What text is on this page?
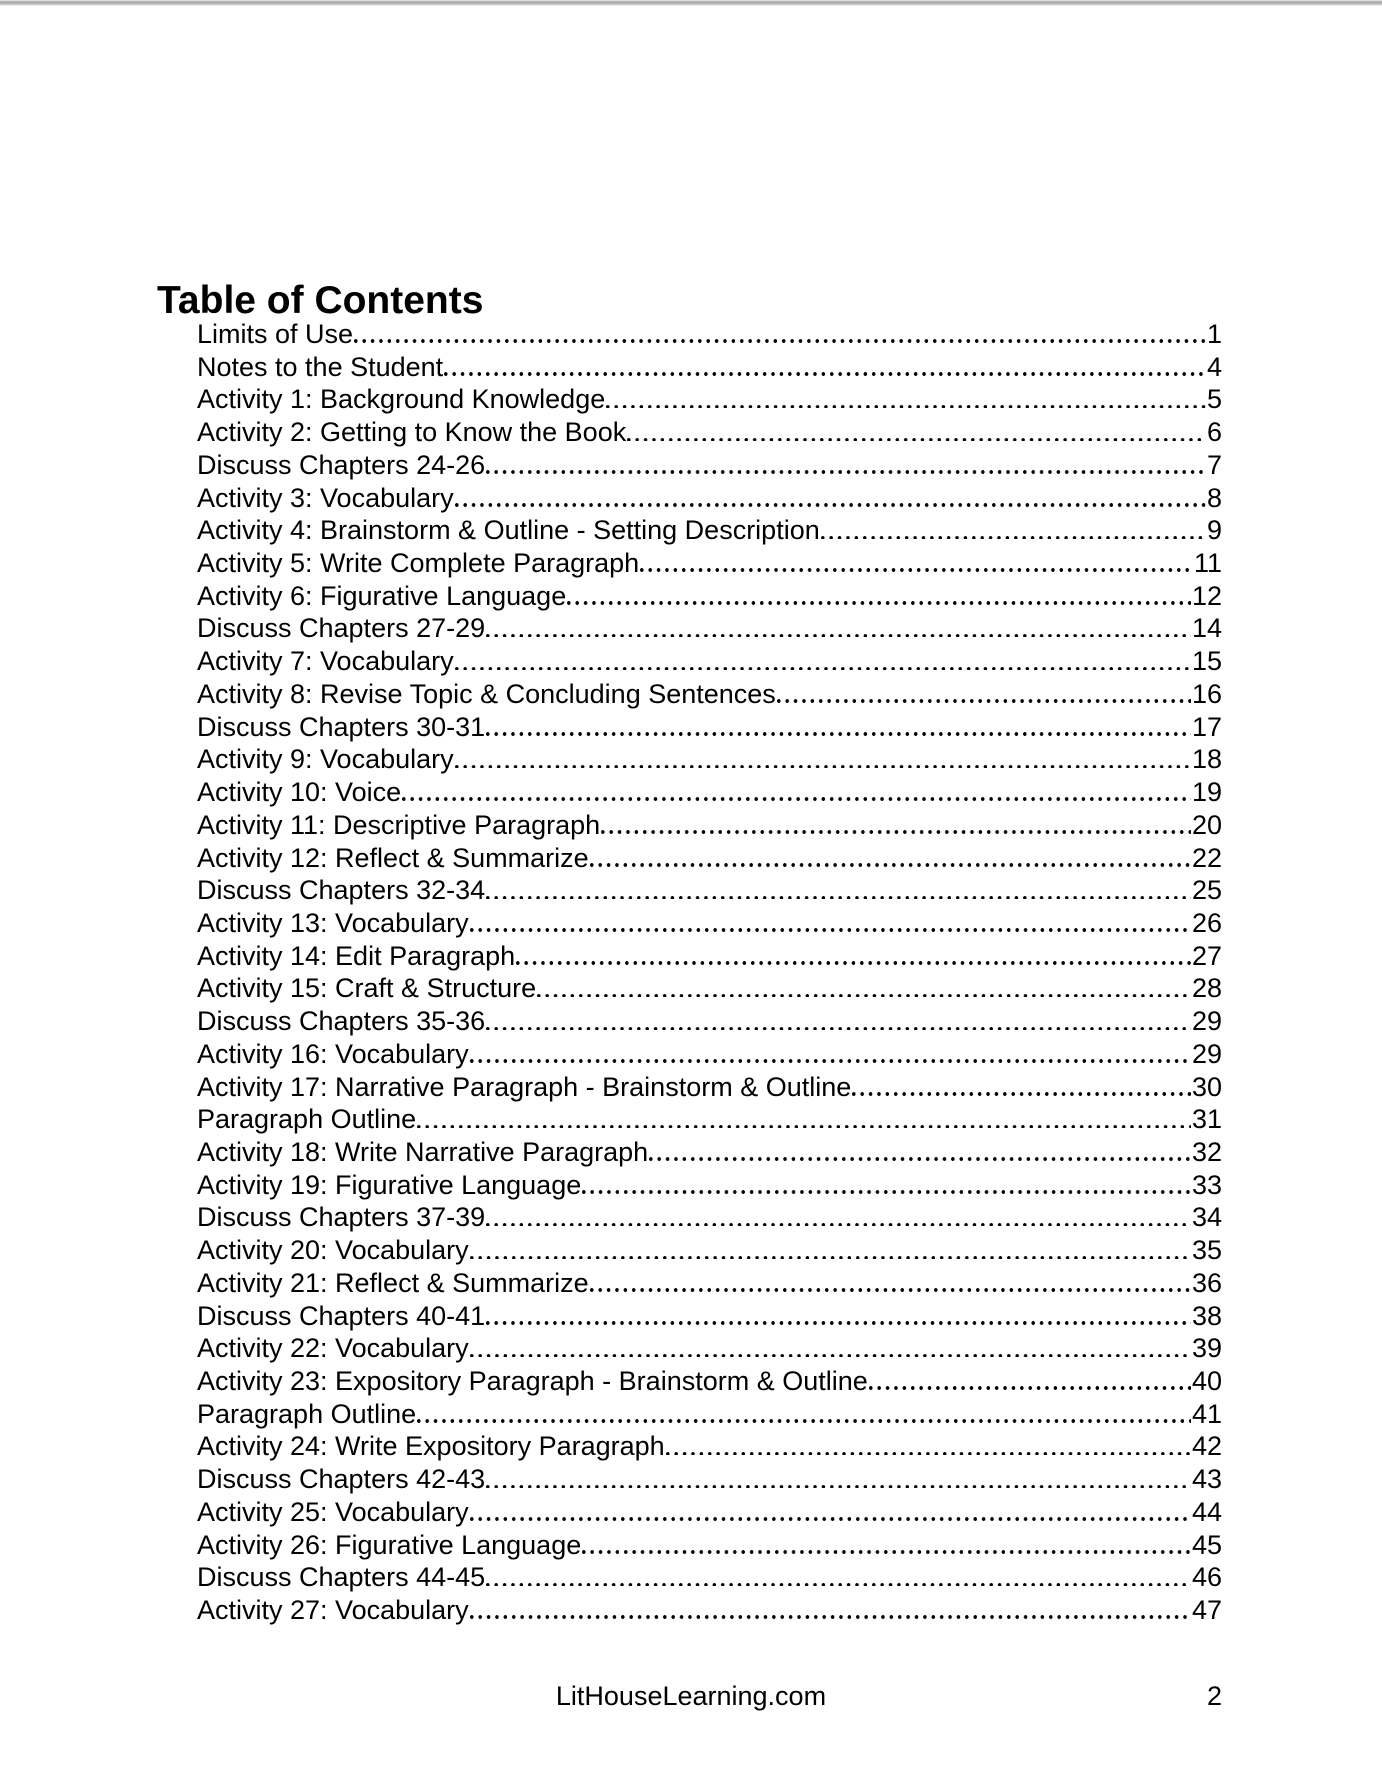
Table of Contents
Limits of Use	1
Notes to the Student	4
Activity 1: Background Knowledge	5
Activity 2: Getting to Know the Book	6
Discuss Chapters 24-26	7
Activity 3: Vocabulary	8
Activity 4: Brainstorm & Outline - Setting Description	9
Activity 5: Write Complete Paragraph	11
Activity 6: Figurative Language	12
Discuss Chapters 27-29	14
Activity 7: Vocabulary	15
Activity 8: Revise Topic & Concluding Sentences	16
Discuss Chapters 30-31	17
Activity 9: Vocabulary	18
Activity 10: Voice	19
Activity 11: Descriptive Paragraph	20
Activity 12: Reflect & Summarize	22
Discuss Chapters 32-34	25
Activity 13: Vocabulary	26
Activity 14: Edit Paragraph	27
Activity 15: Craft & Structure	28
Discuss Chapters 35-36	29
Activity 16: Vocabulary	29
Activity 17: Narrative Paragraph - Brainstorm & Outline	30
Paragraph Outline	31
Activity 18: Write Narrative Paragraph	32
Activity 19: Figurative Language	33
Discuss Chapters 37-39	34
Activity 20: Vocabulary	35
Activity 21: Reflect & Summarize	36
Discuss Chapters 40-41	38
Activity 22: Vocabulary	39
Activity 23: Expository Paragraph - Brainstorm & Outline	40
Paragraph Outline	41
Activity 24: Write Expository Paragraph	42
Discuss Chapters 42-43	43
Activity 25: Vocabulary	44
Activity 26: Figurative Language	45
Discuss Chapters 44-45	46
Activity 27: Vocabulary	47
LitHouseLearning.com	2
